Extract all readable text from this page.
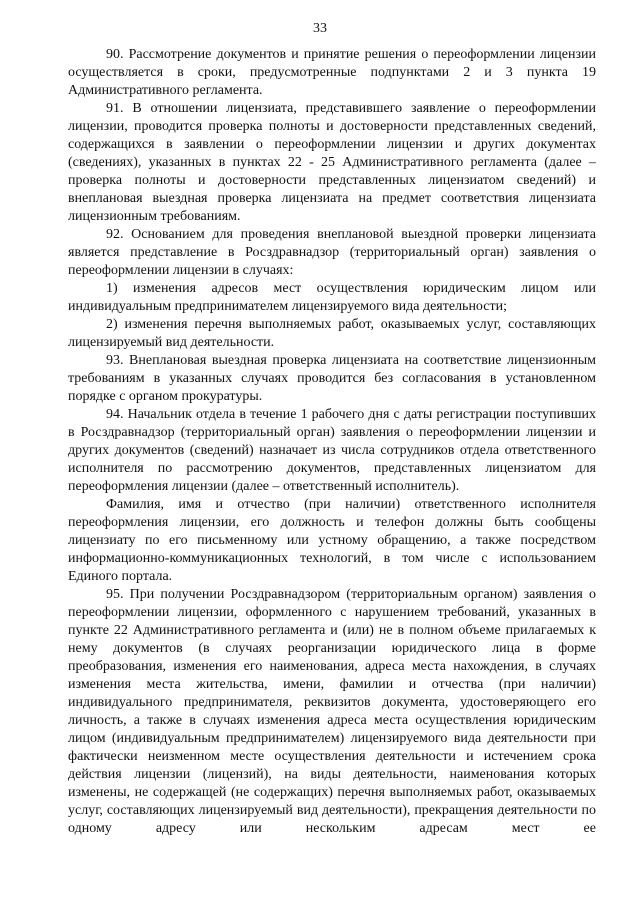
33

90. Рассмотрение документов и принятие решения о переоформлении лицензии осуществляется в сроки, предусмотренные подпунктами 2 и 3 пункта 19 Административного регламента.

91. В отношении лицензиата, представившего заявление о переоформлении лицензии, проводится проверка полноты и достоверности представленных сведений, содержащихся в заявлении о переоформлении лицензии и других документах (сведениях), указанных в пунктах 22 - 25 Административного регламента (далее – проверка полноты и достоверности представленных лицензиатом сведений) и внеплановая выездная проверка лицензиата на предмет соответствия лицензиата лицензионным требованиям.

92. Основанием для проведения внеплановой выездной проверки лицензиата является представление в Росздравнадзор (территориальный орган) заявления о переоформлении лицензии в случаях:

1) изменения адресов мест осуществления юридическим лицом или индивидуальным предпринимателем лицензируемого вида деятельности;

2) изменения перечня выполняемых работ, оказываемых услуг, составляющих лицензируемый вид деятельности.

93. Внеплановая выездная проверка лицензиата на соответствие лицензионным требованиям в указанных случаях проводится без согласования в установленном порядке с органом прокуратуры.

94. Начальник отдела в течение 1 рабочего дня с даты регистрации поступивших в Росздравнадзор (территориальный орган) заявления о переоформлении лицензии и других документов (сведений) назначает из числа сотрудников отдела ответственного исполнителя по рассмотрению документов, представленных лицензиатом для переоформления лицензии (далее – ответственный исполнитель).

Фамилия, имя и отчество (при наличии) ответственного исполнителя переоформления лицензии, его должность и телефон должны быть сообщены лицензиату по его письменному или устному обращению, а также посредством информационно-коммуникационных технологий, в том числе с использованием Единого портала.

95. При получении Росздравнадзором (территориальным органом) заявления о переоформлении лицензии, оформленного с нарушением требований, указанных в пункте 22 Административного регламента и (или) не в полном объеме прилагаемых к нему документов (в случаях реорганизации юридического лица в форме преобразования, изменения его наименования, адреса места нахождения, в случаях изменения места жительства, имени, фамилии и отчества (при наличии) индивидуального предпринимателя, реквизитов документа, удостоверяющего его личность, а также в случаях изменения адреса места осуществления юридическим лицом (индивидуальным предпринимателем) лицензируемого вида деятельности при фактически неизменном месте осуществления деятельности и истечением срока действия лицензии (лицензий), на виды деятельности, наименования которых изменены, не содержащей (не содержащих) перечня выполняемых работ, оказываемых услуг, составляющих лицензируемый вид деятельности), прекращения деятельности по одному адресу или нескольким адресам мест ее
